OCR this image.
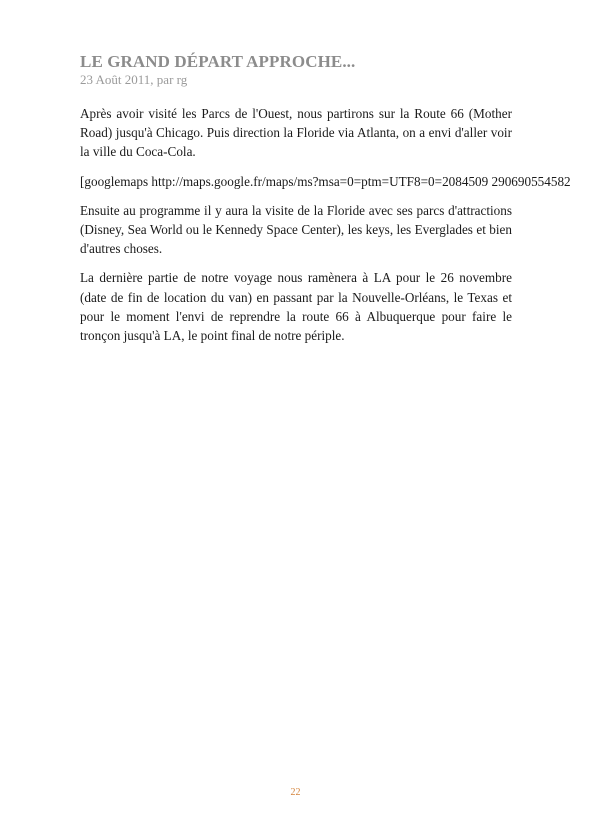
LE GRAND DÉPART APPROCHE...

23 Août 2011, par rg

Après avoir visité les Parcs de l'Ouest, nous partirons sur la Route 66 (Mother Road) jusqu'à Chicago. Puis direction la Floride via Atlanta, on a envi d'aller voir la ville du Coca-Cola.

[googlemaps http://maps.google.fr/maps/ms?msa=0=ptm=UTF8=0=2084509 290690554582

Ensuite au programme il y aura la visite de la Floride avec ses parcs d'attractions (Disney, Sea World ou le Kennedy Space Center), les keys, les Everglades et bien d'autres choses.

La dernière partie de notre voyage nous ramènera à LA pour le 26 novembre (date de fin de location du van) en passant par la Nouvelle-Orléans, le Texas et pour le moment l'envi de reprendre la route 66 à Albuquerque pour faire le tronçon jusqu'à LA, le point final de notre périple.

22
